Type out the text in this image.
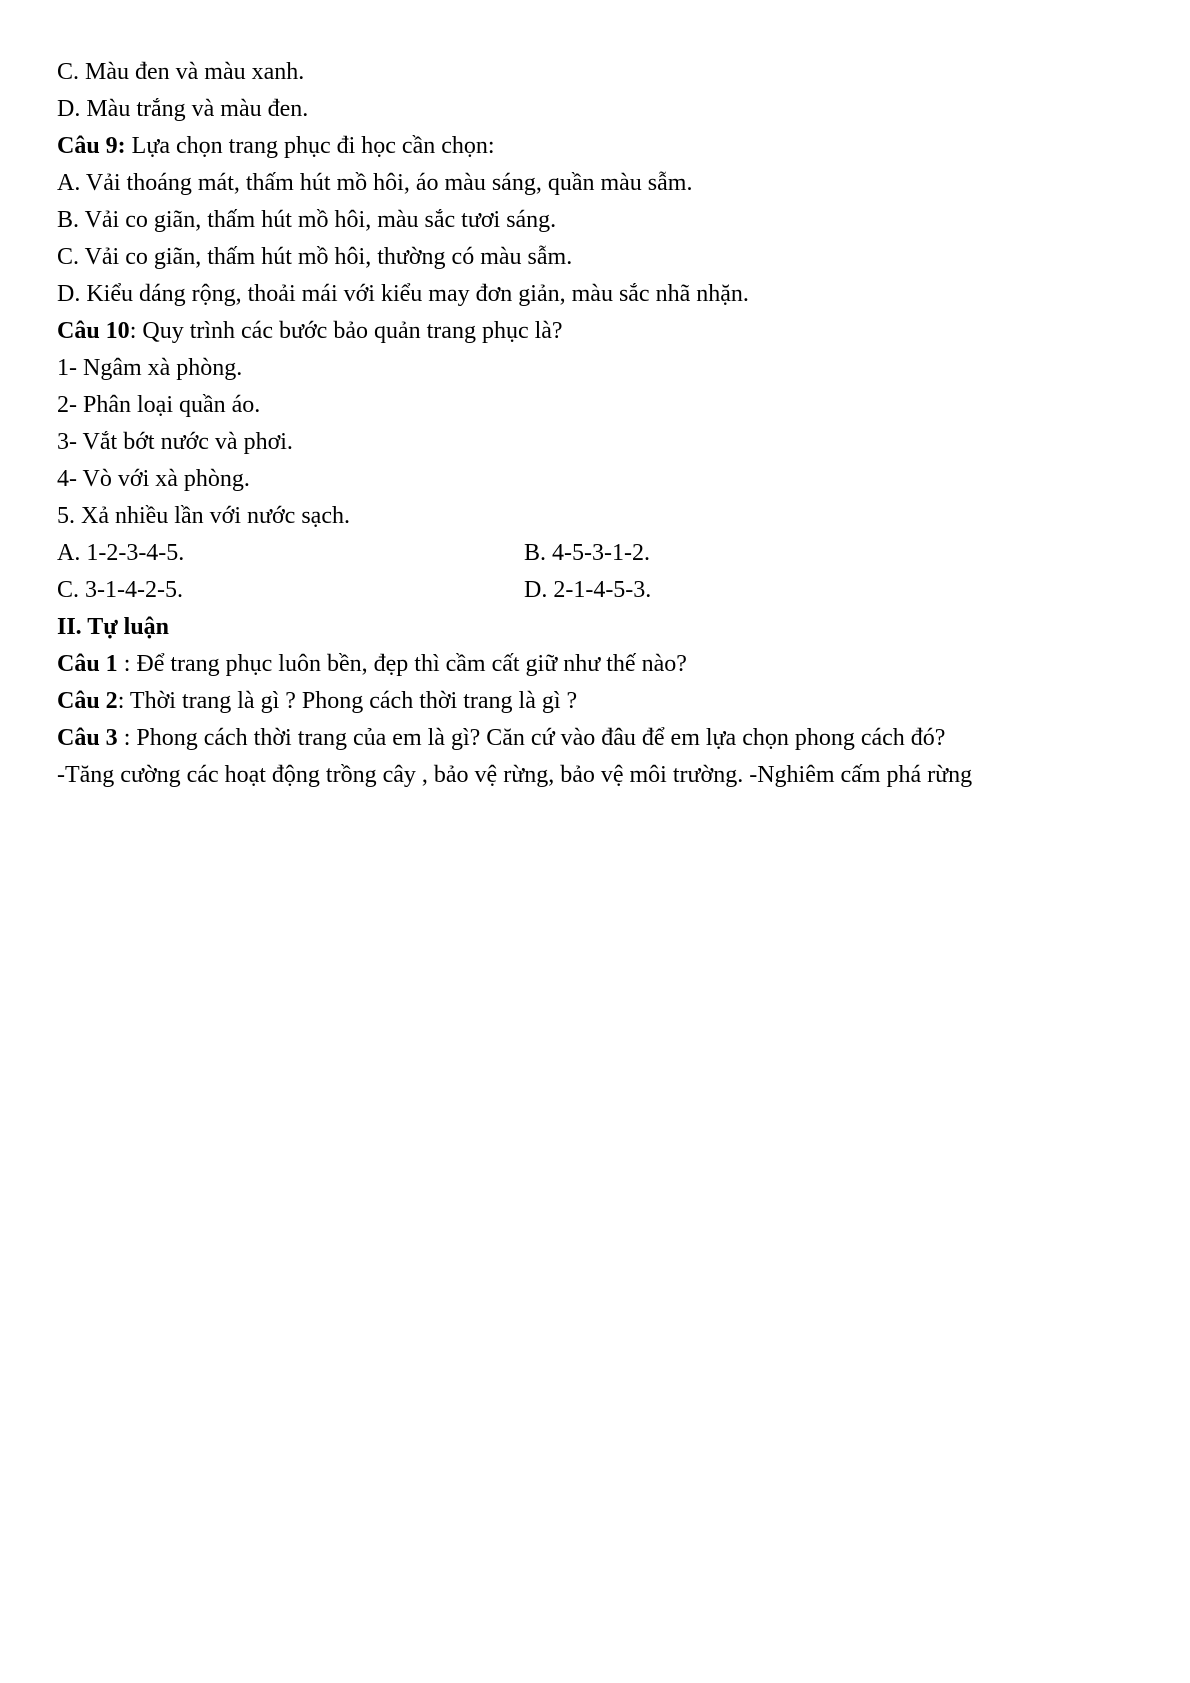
C. Màu đen và màu xanh.
D. Màu trắng và màu đen.
Câu 9: Lựa chọn trang phục đi học cần chọn:
A. Vải thoáng mát, thấm hút mồ hôi, áo màu sáng, quần màu sẫm.
B. Vải co giãn, thấm hút mồ hôi, màu sắc tươi sáng.
C. Vải co giãn, thấm hút mồ hôi, thường có màu sẫm.
D. Kiểu dáng rộng, thoải mái với kiểu may đơn giản, màu sắc nhã nhặn.
Câu 10: Quy trình các bước bảo quản trang phục là?
1- Ngâm xà phòng.
2- Phân loại quần áo.
3- Vắt bớt nước và phơi.
4- Vò với xà phòng.
5. Xả nhiều lần với nước sạch.
A. 1-2-3-4-5.	B. 4-5-3-1-2.
C. 3-1-4-2-5.	D. 2-1-4-5-3.
II. Tự luận
Câu 1 : Để trang phục luôn bền, đẹp thì cầm cất giữ như thế nào?
Câu 2: Thời trang là gì ? Phong cách thời trang là gì ?
Câu 3 : Phong cách thời trang của em là gì? Căn cứ vào đâu để em lựa chọn phong cách đó?
-Tăng cường các hoạt động trồng cây , bảo vệ rừng, bảo vệ môi trường. -Nghiêm cấm phá rừng
